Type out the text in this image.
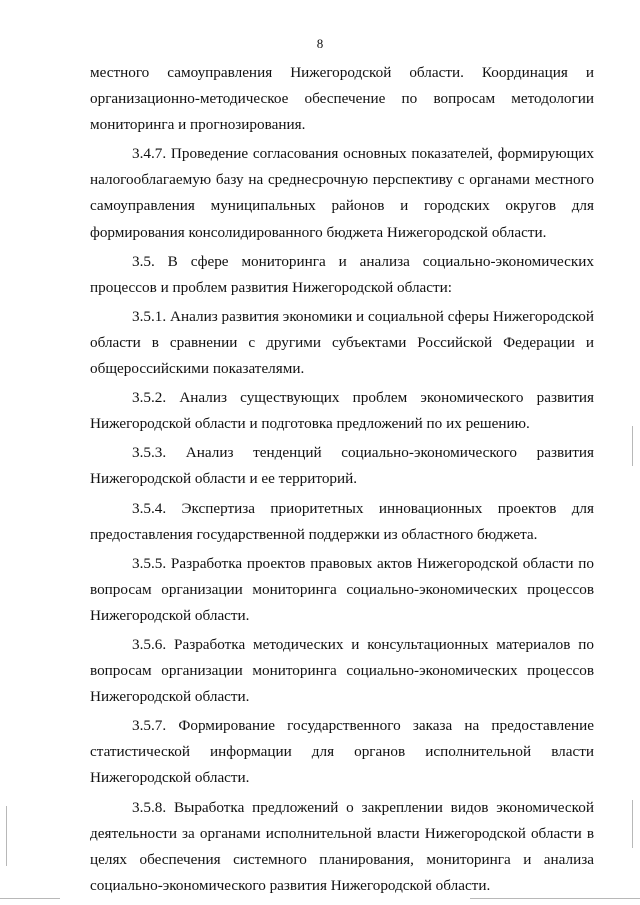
8

местного самоуправления Нижегородской области. Координация и организационно-методическое обеспечение по вопросам методологии мониторинга и прогнозирования.

3.4.7. Проведение согласования основных показателей, формирующих налогооблагаемую базу на среднесрочную перспективу с органами местного самоуправления муниципальных районов и городских округов для формирования консолидированного бюджета Нижегородской области.

3.5. В сфере мониторинга и анализа социально-экономических процессов и проблем развития Нижегородской области:

3.5.1. Анализ развития экономики и социальной сферы Нижегородской области в сравнении с другими субъектами Российской Федерации и общероссийскими показателями.

3.5.2. Анализ существующих проблем экономического развития Нижегородской области и подготовка предложений по их решению.

3.5.3. Анализ тенденций социально-экономического развития Нижегородской области и ее территорий.

3.5.4. Экспертиза приоритетных инновационных проектов для предоставления государственной поддержки из областного бюджета.

3.5.5. Разработка проектов правовых актов Нижегородской области по вопросам организации мониторинга социально-экономических процессов Нижегородской области.

3.5.6. Разработка методических и консультационных материалов по вопросам организации мониторинга социально-экономических процессов Нижегородской области.

3.5.7. Формирование государственного заказа на предоставление статистической информации для органов исполнительной власти Нижегородской области.

3.5.8. Выработка предложений о закреплении видов экономической деятельности за органами исполнительной власти Нижегородской области в целях обеспечения системного планирования, мониторинга и анализа социально-экономического развития Нижегородской области.
